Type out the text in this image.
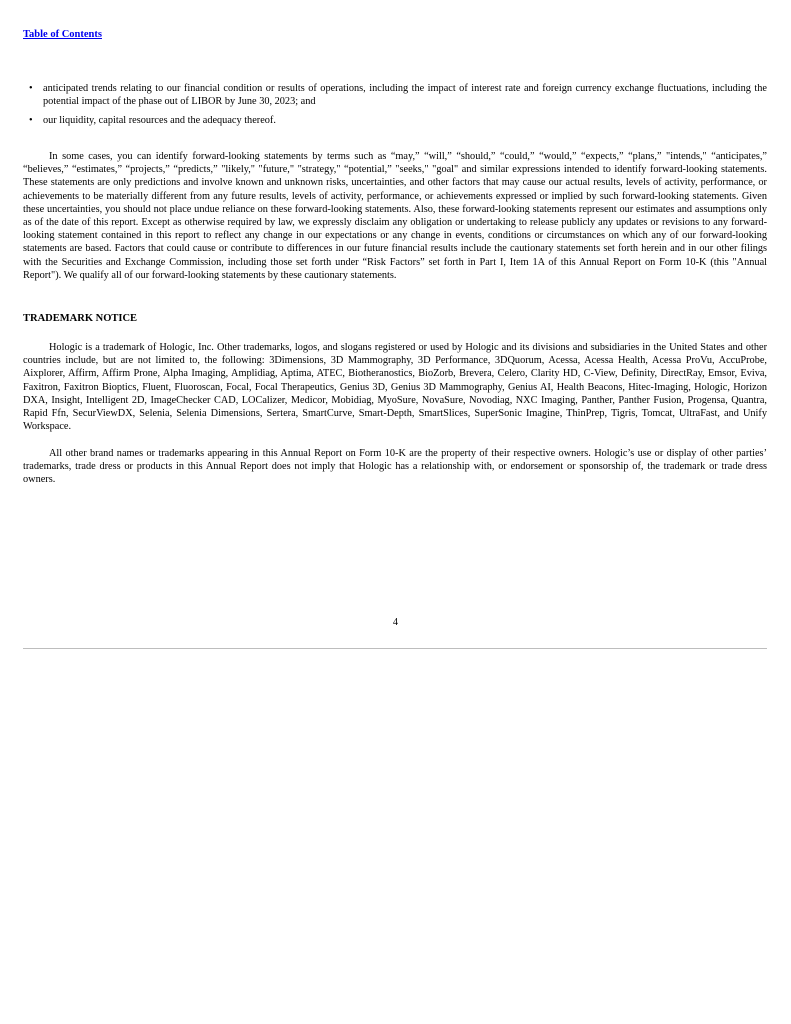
Table of Contents
• anticipated trends relating to our financial condition or results of operations, including the impact of interest rate and foreign currency exchange fluctuations, including the potential impact of the phase out of LIBOR by June 30, 2023; and
• our liquidity, capital resources and the adequacy thereof.

In some cases, you can identify forward-looking statements by terms such as “may,” “will,” “should,” “could,” “would,” “expects,” “plans,” "intends," “anticipates,” “believes,” “estimates,” “projects,” “predicts,” "likely," "future," "strategy," “potential,” "seeks," "goal" and similar expressions intended to identify forward-looking statements. These statements are only predictions and involve known and unknown risks, uncertainties, and other factors that may cause our actual results, levels of activity, performance, or achievements to be materially different from any future results, levels of activity, performance, or achievements expressed or implied by such forward-looking statements. Given these uncertainties, you should not place undue reliance on these forward-looking statements. Also, these forward-looking statements represent our estimates and assumptions only as of the date of this report. Except as otherwise required by law, we expressly disclaim any obligation or undertaking to release publicly any updates or revisions to any forward-looking statement contained in this report to reflect any change in our expectations or any change in events, conditions or circumstances on which any of our forward-looking statements are based. Factors that could cause or contribute to differences in our future financial results include the cautionary statements set forth herein and in our other filings with the Securities and Exchange Commission, including those set forth under “Risk Factors” set forth in Part I, Item 1A of this Annual Report on Form 10-K (this "Annual Report"). We qualify all of our forward-looking statements by these cautionary statements.

TRADEMARK NOTICE

Hologic is a trademark of Hologic, Inc. Other trademarks, logos, and slogans registered or used by Hologic and its divisions and subsidiaries in the United States and other countries include, but are not limited to, the following: 3Dimensions, 3D Mammography, 3D Performance, 3DQuorum, Acessa, Acessa Health, Acessa ProVu, AccuProbe, Aixplorer, Affirm, Affirm Prone, Alpha Imaging, Amplidiag, Aptima, ATEC, Biotheranostics, BioZorb, Brevera, Celero, Clarity HD, C-View, Definity, DirectRay, Emsor, Eviva, Faxitron, Faxitron Bioptics, Fluent, Fluoroscan, Focal, Focal Therapeutics, Genius 3D, Genius 3D Mammography, Genius AI, Health Beacons, Hitec-Imaging, Hologic, Horizon DXA, Insight, Intelligent 2D, ImageChecker CAD, LOCalizer, Medicor, Mobidiag, MyoSure, NovaSure, Novodiag, NXC Imaging, Panther, Panther Fusion, Progensa, Quantra, Rapid Ffn, SecurViewDX, Selenia, Selenia Dimensions, Sertera, SmartCurve, Smart-Depth, SmartSlices, SuperSonic Imagine, ThinPrep, Tigris, Tomcat, UltraFast, and Unify Workspace.

All other brand names or trademarks appearing in this Annual Report on Form 10-K are the property of their respective owners. Hologic’s use or display of other parties’ trademarks, trade dress or products in this Annual Report does not imply that Hologic has a relationship with, or endorsement or sponsorship of, the trademark or trade dress owners.

4
